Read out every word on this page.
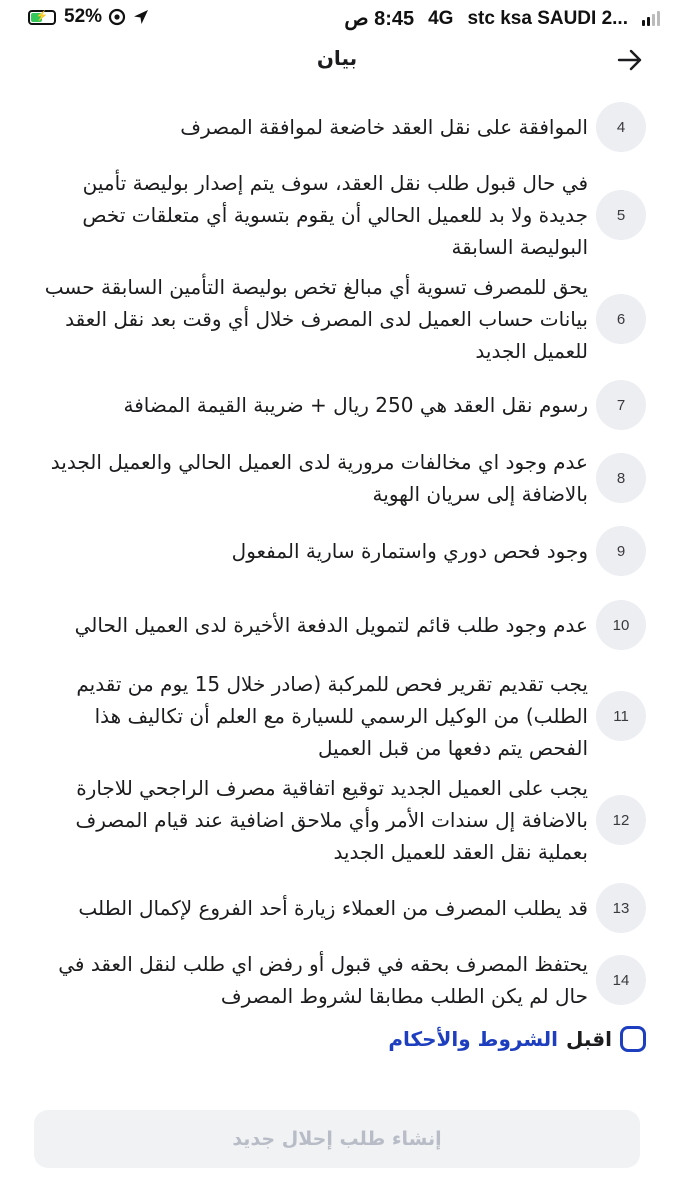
⚡ 52%	8:45 ص 4G stc ksa SAUDI 2...
بيان
4
الموافقة على نقل العقد خاضعة لموافقة المصرف
5
في حال قبول طلب نقل العقد، سوف يتم إصدار بوليصة تأمين جديدة ولا بد للعميل الحالي أن يقوم بتسوية أي متعلقات تخص البوليصة السابقة
6
يحق للمصرف تسوية أي مبالغ تخص بوليصة التأمين السابقة حسب بيانات حساب العميل لدى المصرف خلال أي وقت بعد نقل العقد للعميل الجديد
7
رسوم نقل العقد هي 250 ريال + ضريبة القيمة المضافة
8
عدم وجود اي مخالفات مرورية لدى العميل الحالي والعميل الجديد بالاضافة إلى سريان الهوية
9
وجود فحص دوري واستمارة سارية المفعول
10
عدم وجود طلب قائم لتمويل الدفعة الأخيرة لدى العميل الحالي
11
يجب تقديم تقرير فحص للمركبة (صادر خلال 15 يوم من تقديم الطلب) من الوكيل الرسمي للسيارة مع العلم أن تكاليف هذا الفحص يتم دفعها من قبل العميل
12
يجب على العميل الجديد توقيع اتفاقية مصرف الراجحي للاجارة بالاضافة إل سندات الأمر وأي ملاحق اضافية عند قيام المصرف بعملية نقل العقد للعميل الجديد
13
قد يطلب المصرف من العملاء زيارة أحد الفروع لإكمال الطلب
14
يحتفظ المصرف بحقه في قبول أو رفض اي طلب لنقل العقد في حال لم يكن الطلب مطابقا لشروط المصرف
اقبل
الشروط والأحكام
إنشاء طلب إحلال جديد
